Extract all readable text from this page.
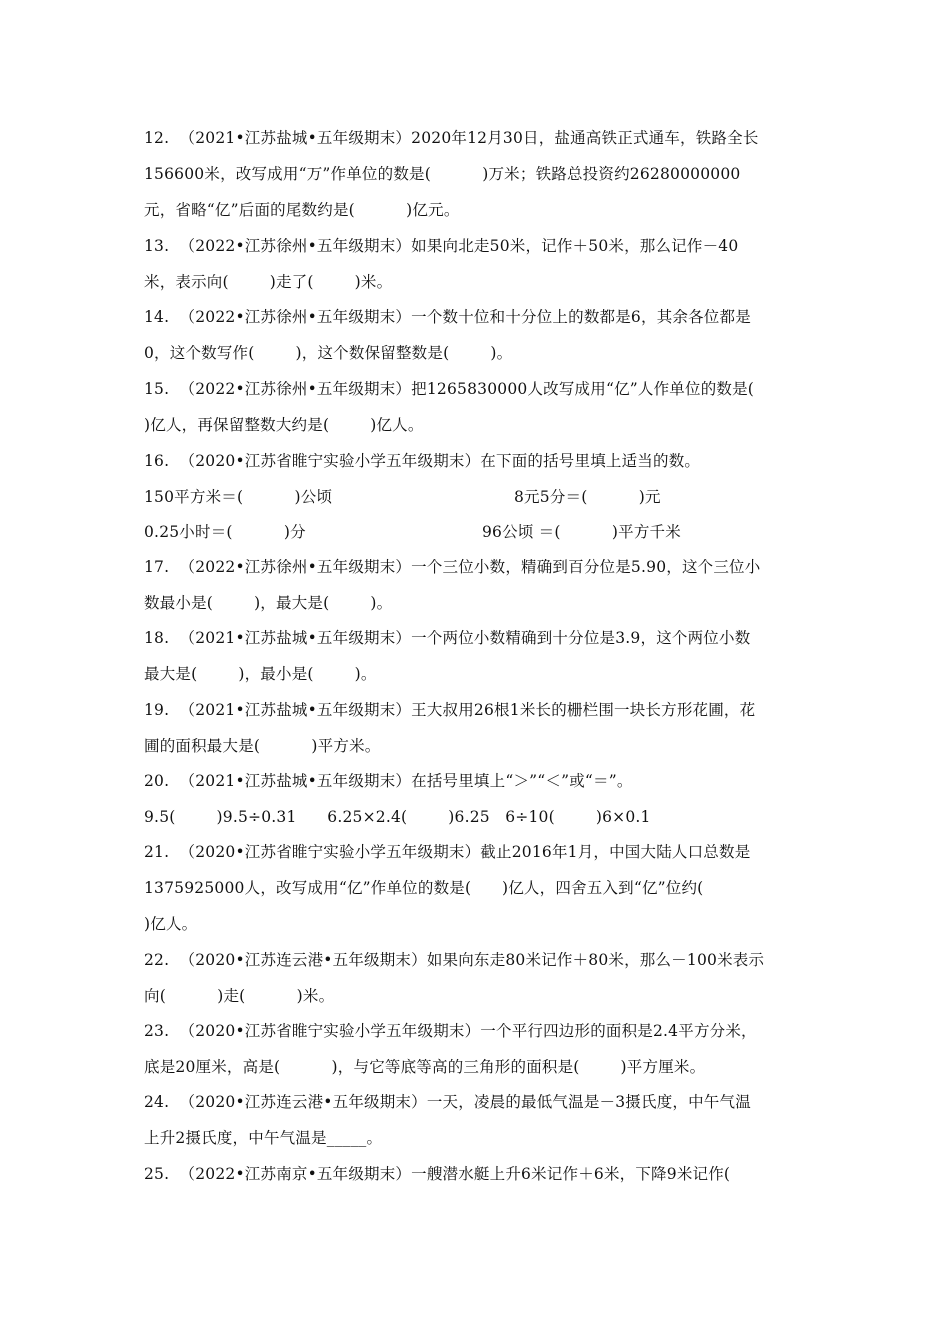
12.  （2021•江苏盐城•五年级期末）2020年12月30日，盐通高铁正式通车，铁路全长
156600米，改写成用“万”作单位的数是(          )万米；铁路总投资约26280000000
元，省略“亿”后面的尾数约是(          )亿元。
13.  （2022•江苏徐州•五年级期末）如果向北走50米，记作＋50米，那么记作－40
米，表示向(        )走了(        )米。
14.  （2022•江苏徐州•五年级期末）一个数十位和十分位上的数都是6，其余各位都是
0，这个数写作(        )，这个数保留整数是(        )。
15.  （2022•江苏徐州•五年级期末）把1265830000人改写成用“亿”人作单位的数是(
)亿人，再保留整数大约是(        )亿人。
16.  （2020•江苏省睢宁实验小学五年级期末）在下面的括号里填上适当的数。

150平方米＝(          )公顷

	8元5分＝(          )元

0.25小时＝(          )分

	96公顷 ＝(          )平方千米

17.  （2022•江苏徐州•五年级期末）一个三位小数，精确到百分位是5.90，这个三位小
数最小是(        )，最大是(        )。
18.  （2021•江苏盐城•五年级期末）一个两位小数精确到十分位是3.9，这个两位小数
最大是(        )，最小是(        )。
19.  （2021•江苏盐城•五年级期末）王大叔用26根1米长的栅栏围一块长方形花圃，花
圃的面积最大是(          )平方米。
20.  （2021•江苏盐城•五年级期末）在括号里填上“＞”“＜”或“＝”。
9.5(        )9.5÷0.31      6.25×2.4(        )6.25   6÷10(        )6×0.1
21.  （2020•江苏省睢宁实验小学五年级期末）截止2016年1月，中国大陆人口总数是
1375925000人，改写成用“亿”作单位的数是(      )亿人，四舍五入到“亿”位约(
)亿人。
22.  （2020•江苏连云港•五年级期末）如果向东走80米记作＋80米，那么－100米表示
向(          )走(          )米。
23.  （2020•江苏省睢宁实验小学五年级期末）一个平行四边形的面积是2.4平方分米，
底是20厘米，高是(          )，与它等底等高的三角形的面积是(        )平方厘米。
24.  （2020•江苏连云港•五年级期末）一天，凌晨的最低气温是－3摄氏度，中午气温
上升2摄氏度，中午气温是_____。
25.  （2022•江苏南京•五年级期末）一艘潜水艇上升6米记作＋6米，下降9米记作(
